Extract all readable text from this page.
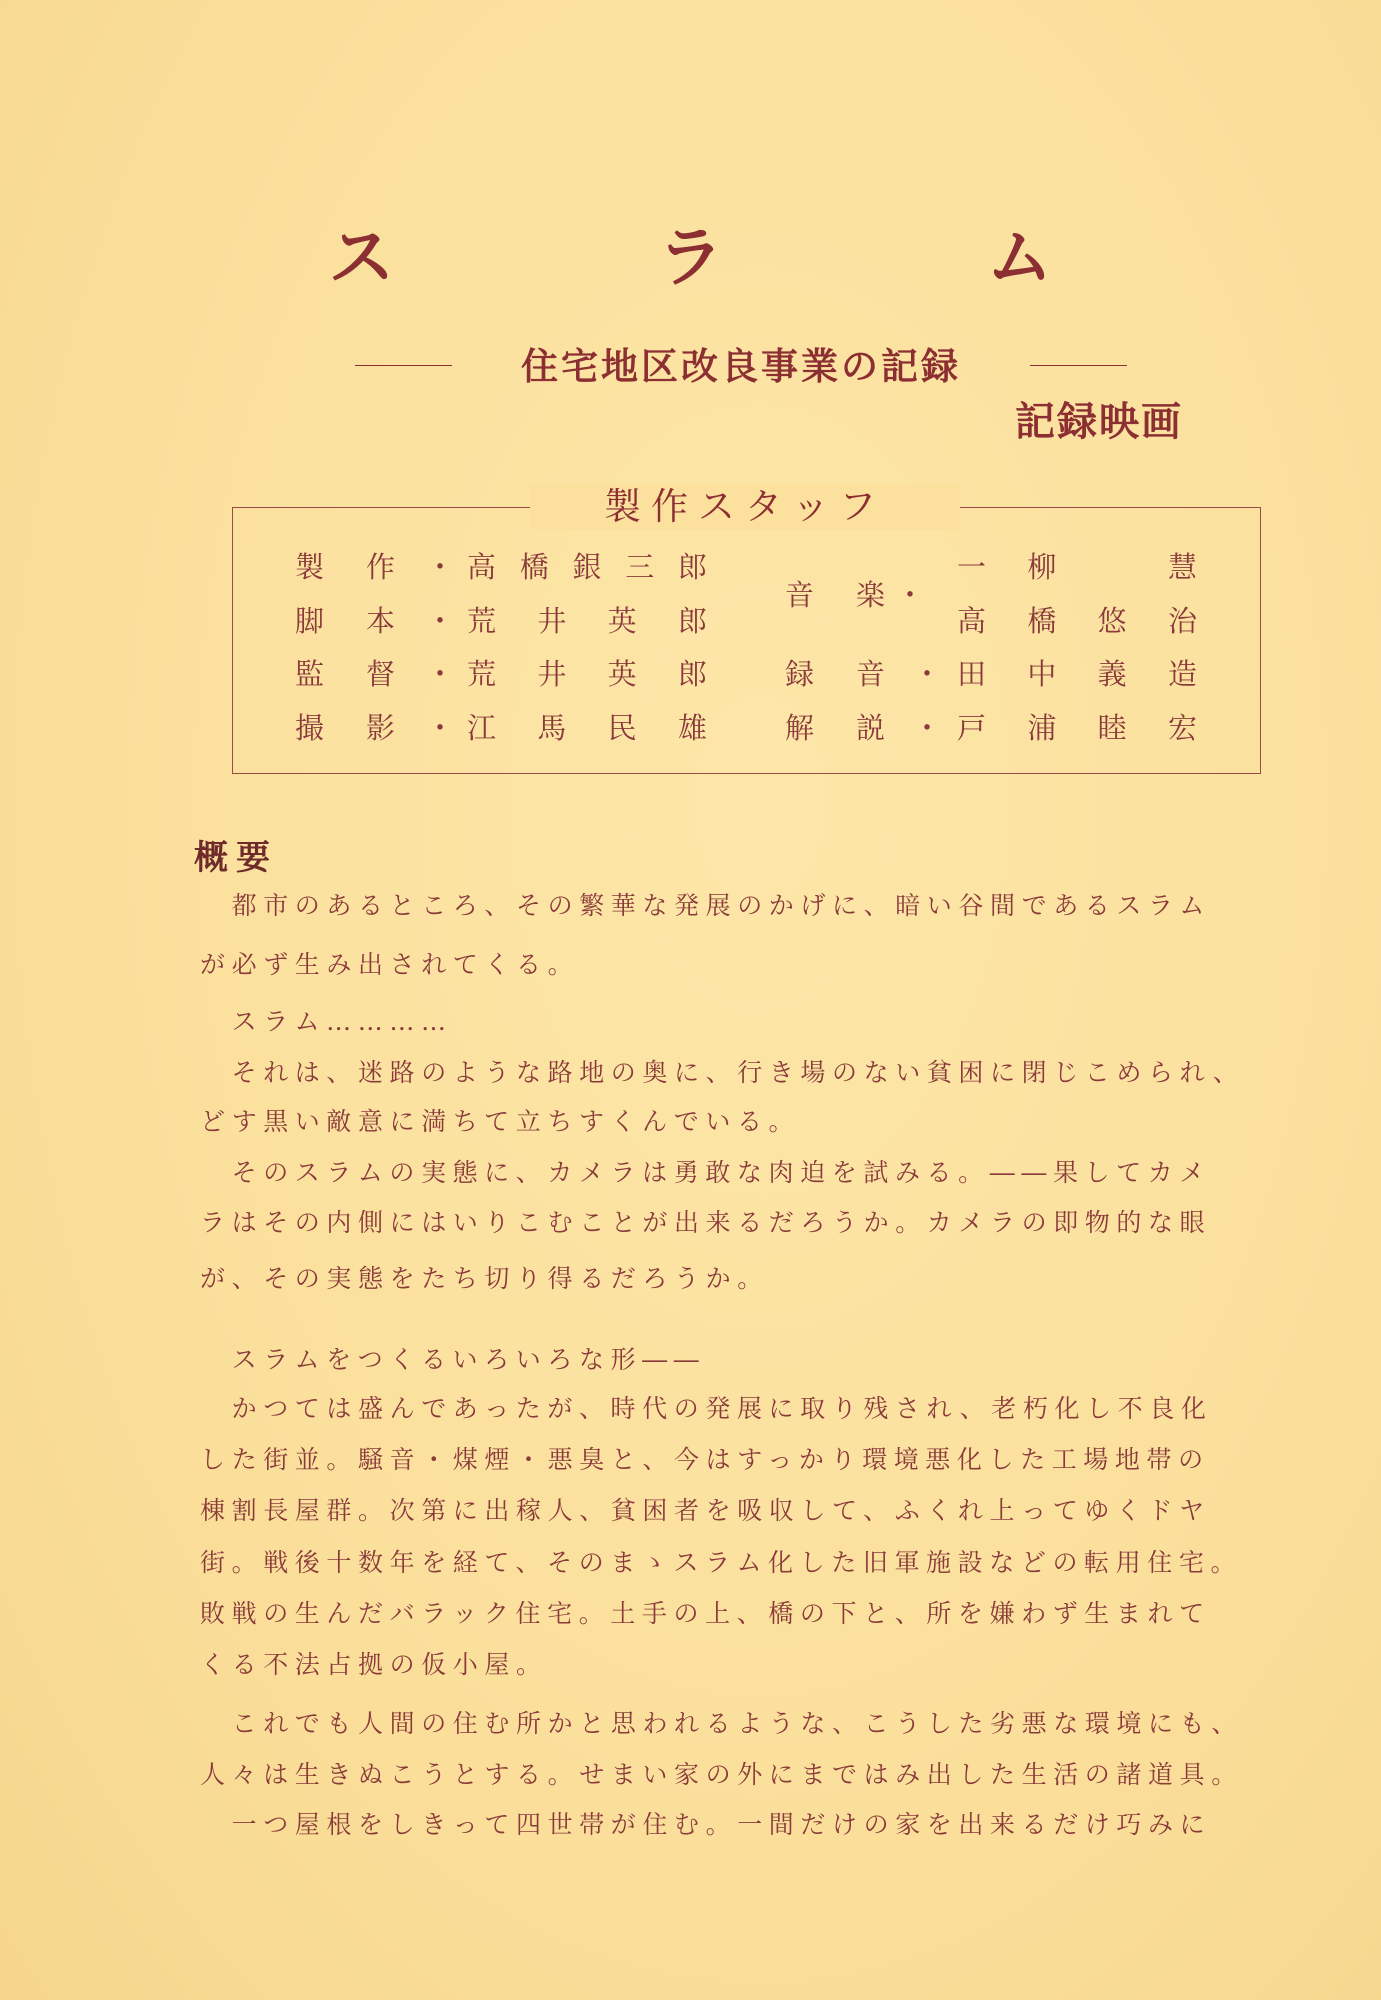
ス ラ ム
住宅地区改良事業の記録
記録映画
製作スタッフ
製作 ・ 高橋銀三郎
脚本 ・ 荒井英郎
監督 ・ 荒井英郎
撮影 ・ 江馬民雄
音楽 ・
一柳　慧
高橋悠治
録音 ・ 田中義造
解説 ・ 戸浦睦宏
概要
　都市のあるところ、その繁華な発展のかげに、暗い谷間であるスラム
が必ず生み出されてくる。
　スラム…………
　それは、迷路のような路地の奥に、行き場のない貧困に閉じこめられ、
どす黒い敵意に満ちて立ちすくんでいる。
　そのスラムの実態に、カメラは勇敢な肉迫を試みる。――果してカメ
ラはその内側にはいりこむことが出来るだろうか。カメラの即物的な眼
が、その実態をたち切り得るだろうか。
　スラムをつくるいろいろな形――
　かつては盛んであったが、時代の発展に取り残され、老朽化し不良化
した街並。騒音・煤煙・悪臭と、今はすっかり環境悪化した工場地帯の
棟割長屋群。次第に出稼人、貧困者を吸収して、ふくれ上ってゆくドヤ
街。戦後十数年を経て、そのまゝスラム化した旧軍施設などの転用住宅。
敗戦の生んだバラック住宅。土手の上、橋の下と、所を嫌わず生まれて
くる不法占拠の仮小屋。
　これでも人間の住む所かと思われるような、こうした劣悪な環境にも、
人々は生きぬこうとする。せまい家の外にまではみ出した生活の諸道具。
　一つ屋根をしきって四世帯が住む。一間だけの家を出来るだけ巧みに
